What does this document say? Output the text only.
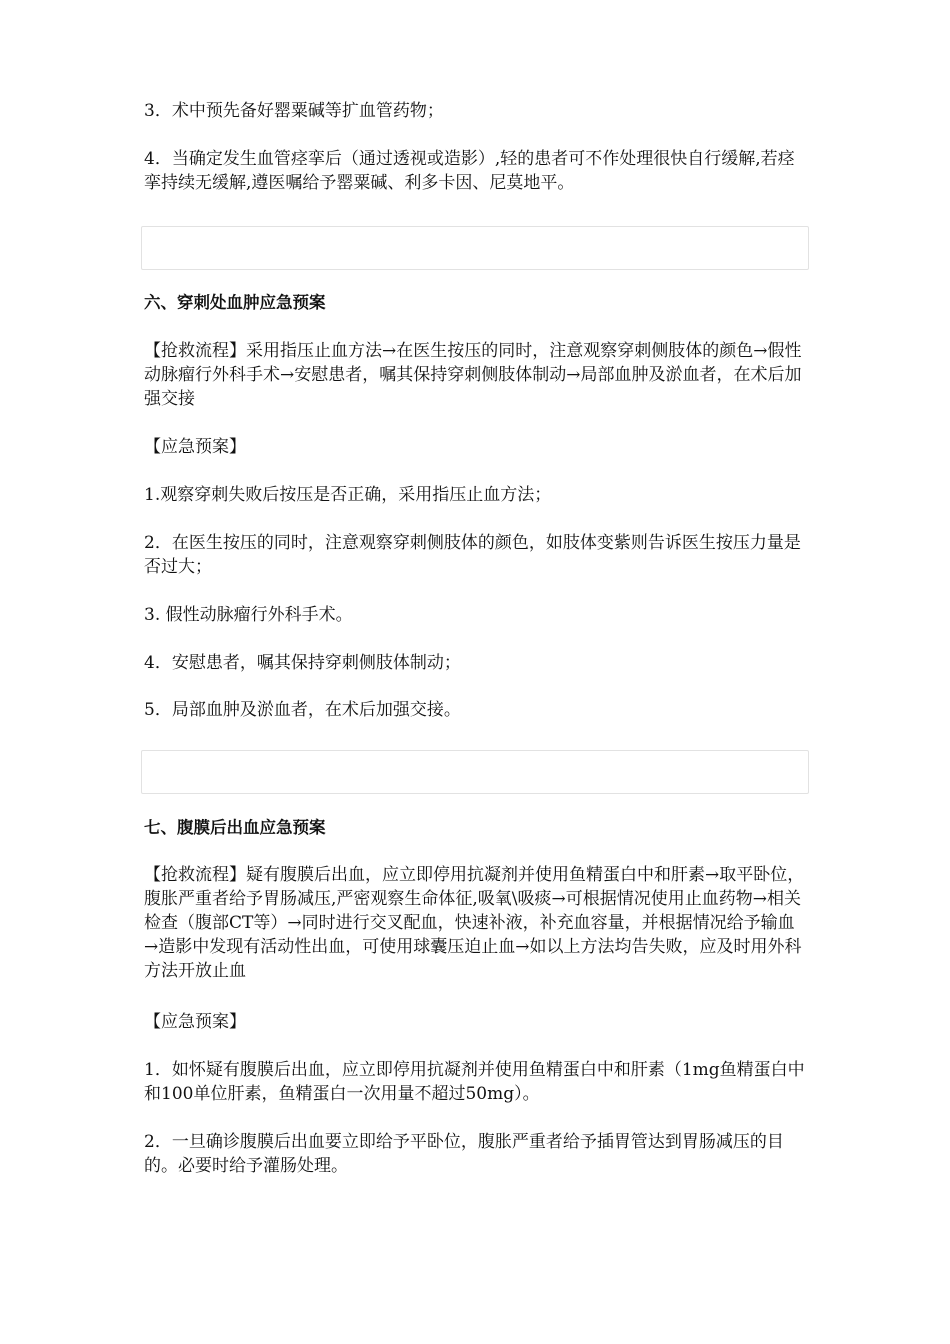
3．术中预先备好罂粟碱等扩血管药物；

4．当确定发生血管痉挛后（通过透视或造影）,轻的患者可不作处理很快自行缓解,若痉挛持续无缓解,遵医嘱给予罂粟碱、利多卡因、尼莫地平。

六、穿刺处血肿应急预案

【抢救流程】采用指压止血方法→在医生按压的同时，注意观察穿刺侧肢体的颜色→假性动脉瘤行外科手术→安慰患者，嘱其保持穿刺侧肢体制动→局部血肿及淤血者，在术后加强交接

【应急预案】

1.观察穿刺失败后按压是否正确，采用指压止血方法；

2．在医生按压的同时，注意观察穿刺侧肢体的颜色，如肢体变紫则告诉医生按压力量是否过大；

3. 假性动脉瘤行外科手术。

4．安慰患者，嘱其保持穿刺侧肢体制动；

5．局部血肿及淤血者，在术后加强交接。

七、腹膜后出血应急预案

【抢救流程】疑有腹膜后出血，应立即停用抗凝剂并使用鱼精蛋白中和肝素→取平卧位，腹胀严重者给予胃肠减压,严密观察生命体征,吸氧\吸痰→可根据情况使用止血药物→相关检查（腹部CT等）→同时进行交叉配血，快速补液，补充血容量，并根据情况给予输血→造影中发现有活动性出血，可使用球囊压迫止血→如以上方法均告失败，应及时用外科方法开放止血

【应急预案】

1．如怀疑有腹膜后出血，应立即停用抗凝剂并使用鱼精蛋白中和肝素（1mg鱼精蛋白中和100单位肝素，鱼精蛋白一次用量不超过50mg）。

2．一旦确诊腹膜后出血要立即给予平卧位，腹胀严重者给予插胃管达到胃肠减压的目的。必要时给予灌肠处理。
